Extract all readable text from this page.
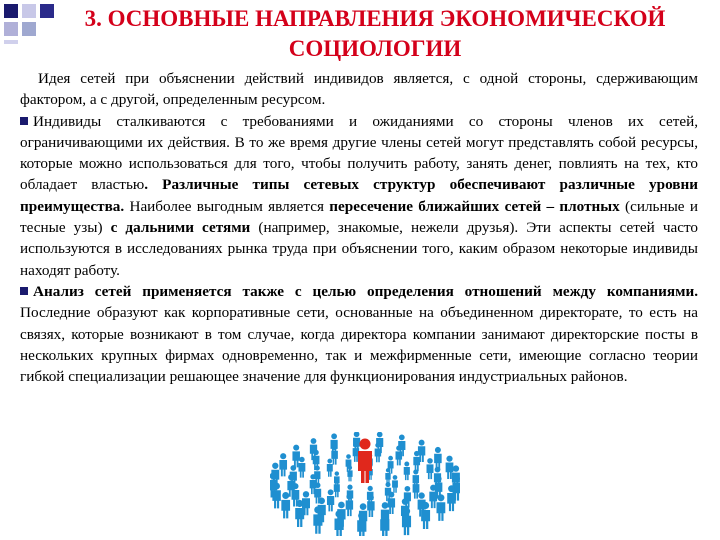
3. ОСНОВНЫЕ НАПРАВЛЕНИЯ ЭКОНОМИЧЕСКОЙ
СОЦИОЛОГИИ

Идея сетей при объяснении действий индивидов является, с одной стороны, сдерживающим фактором, а с другой, определенным ресурсом.

Индивиды сталкиваются с требованиями и ожиданиями со стороны членов их сетей, ограничивающими их действия. В то же время другие члены сетей могут представлять собой ресурсы, которые можно использоваться для того, чтобы получить работу, занять денег, повлиять на тех, кто обладает властью. Различные типы сетевых структур обеспечивают различные уровни преимущества. Наиболее выгодным является пересечение ближайших сетей – плотных (сильные и тесные узы) с дальними сетями (например, знакомые, нежели друзья). Эти аспекты сетей часто используются в исследованиях рынка труда при объяснении того, каким образом некоторые индивиды находят работу.

Анализ сетей применяется также с целью определения отношений между компаниями. Последние образуют как корпоративные сети, основанные на объединенном директорате, то есть на связях, которые возникают в том случае, когда директора компании занимают директорские посты в нескольких крупных фирмах одновременно, так и межфирменные сети, имеющие согласно теории гибкой специализации решающее значение для функционирования индустриальных районов.
